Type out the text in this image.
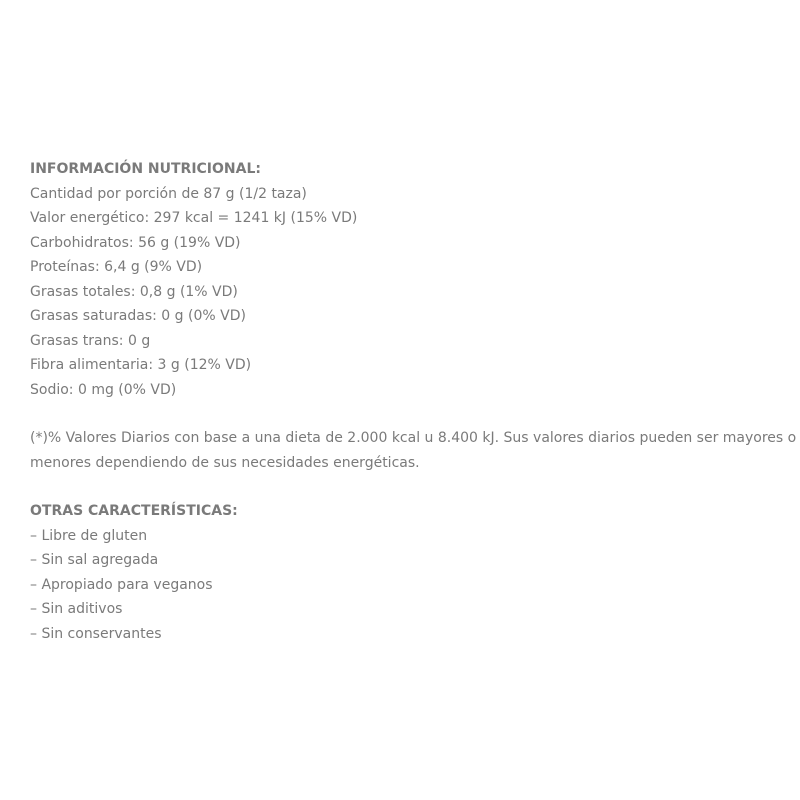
INFORMACIÓN NUTRICIONAL:
Cantidad por porción de 87 g (1/2 taza)
Valor energético: 297 kcal = 1241 kJ (15% VD)
Carbohidratos: 56 g (19% VD)
Proteínas: 6,4 g (9% VD)
Grasas totales: 0,8 g (1% VD)
Grasas saturadas: 0 g (0% VD)
Grasas trans: 0 g
Fibra alimentaria: 3 g (12% VD)
Sodio: 0 mg (0% VD)
(*)% Valores Diarios con base a una dieta de 2.000 kcal u 8.400 kJ. Sus valores diarios pueden ser mayores o menores dependiendo de sus necesidades energéticas.
OTRAS CARACTERÍSTICAS:
– Libre de gluten
– Sin sal agregada
– Apropiado para veganos
– Sin aditivos
– Sin conservantes
